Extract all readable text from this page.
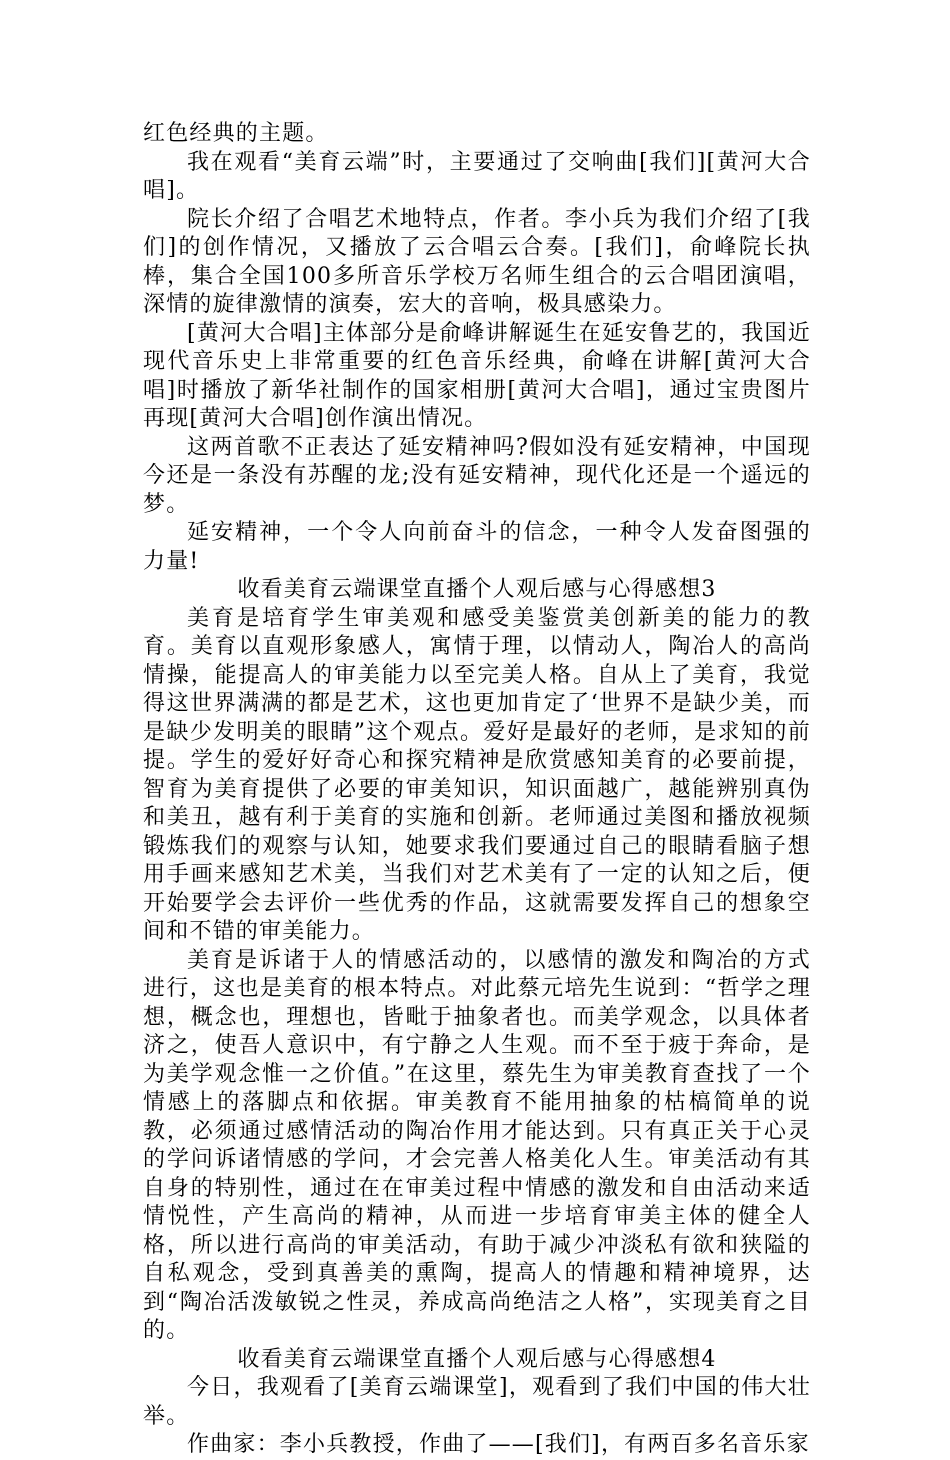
红色经典的主题。

我在观看“美育云端”时，主要通过了交响曲[我们][黄河大合唱]。

院长介绍了合唱艺术地特点，作者。李小兵为我们介绍了[我们]的创作情况，又播放了云合唱云合奏。[我们]，俞峰院长执棒，集合全国100多所音乐学校万名师生组合的云合唱团演唱，深情的旋律激情的演奏，宏大的音响，极具感染力。

[黄河大合唱]主体部分是俞峰讲解诞生在延安鲁艺的，我国近现代音乐史上非常重要的红色音乐经典，俞峰在讲解[黄河大合唱]时播放了新华社制作的国家相册[黄河大合唱]，通过宝贵图片再现[黄河大合唱]创作演出情况。

这两首歌不正表达了延安精神吗?假如没有延安精神，中国现今还是一条没有苏醒的龙;没有延安精神，现代化还是一个遥远的梦。

延安精神，一个令人向前奋斗的信念，一种令人发奋图强的力量!

收看美育云端课堂直播个人观后感与心得感想3

美育是培育学生审美观和感受美鉴赏美创新美的能力的教育。美育以直观形象感人，寓情于理，以情动人，陶冶人的高尚情操，能提高人的审美能力以至完美人格。自从上了美育，我觉得这世界满满的都是艺术，这也更加肯定了‘世界不是缺少美，而是缺少发明美的眼睛”这个观点。爱好是最好的老师，是求知的前提。学生的爱好好奇心和探究精神是欣赏感知美育的必要前提，智育为美育提供了必要的审美知识，知识面越广，越能辨别真伪和美丑，越有利于美育的实施和创新。老师通过美图和播放视频锻炼我们的观察与认知，她要求我们要通过自己的眼睛看脑子想用手画来感知艺术美，当我们对艺术美有了一定的认知之后，便开始要学会去评价一些优秀的作品，这就需要发挥自己的想象空间和不错的审美能力。

美育是诉诸于人的情感活动的，以感情的激发和陶冶的方式进行，这也是美育的根本特点。对此蔡元培先生说到：“哲学之理想，概念也，理想也，皆毗于抽象者也。而美学观念，以具体者济之，使吾人意识中，有宁静之人生观。而不至于疲于奔命，是为美学观念惟一之价值。”在这里，蔡先生为审美教育查找了一个情感上的落脚点和依据。审美教育不能用抽象的枯槁简单的说教，必须通过感情活动的陶冶作用才能达到。只有真正关于心灵的学问诉诸情感的学问，才会完善人格美化人生。审美活动有其自身的特别性，通过在在审美过程中情感的激发和自由活动来适情悦性，产生高尚的精神，从而进一步培育审美主体的健全人格，所以进行高尚的审美活动，有助于减少冲淡私有欲和狭隘的自私观念，受到真善美的熏陶，提高人的情趣和精神境界，达到“陶冶活泼敏锐之性灵，养成高尚绝洁之人格”，实现美育之目的。

收看美育云端课堂直播个人观后感与心得感想4

今日，我观看了[美育云端课堂]，观看到了我们中国的伟大壮举。

作曲家：李小兵教授，作曲了——[我们]，有两百多名音乐家
